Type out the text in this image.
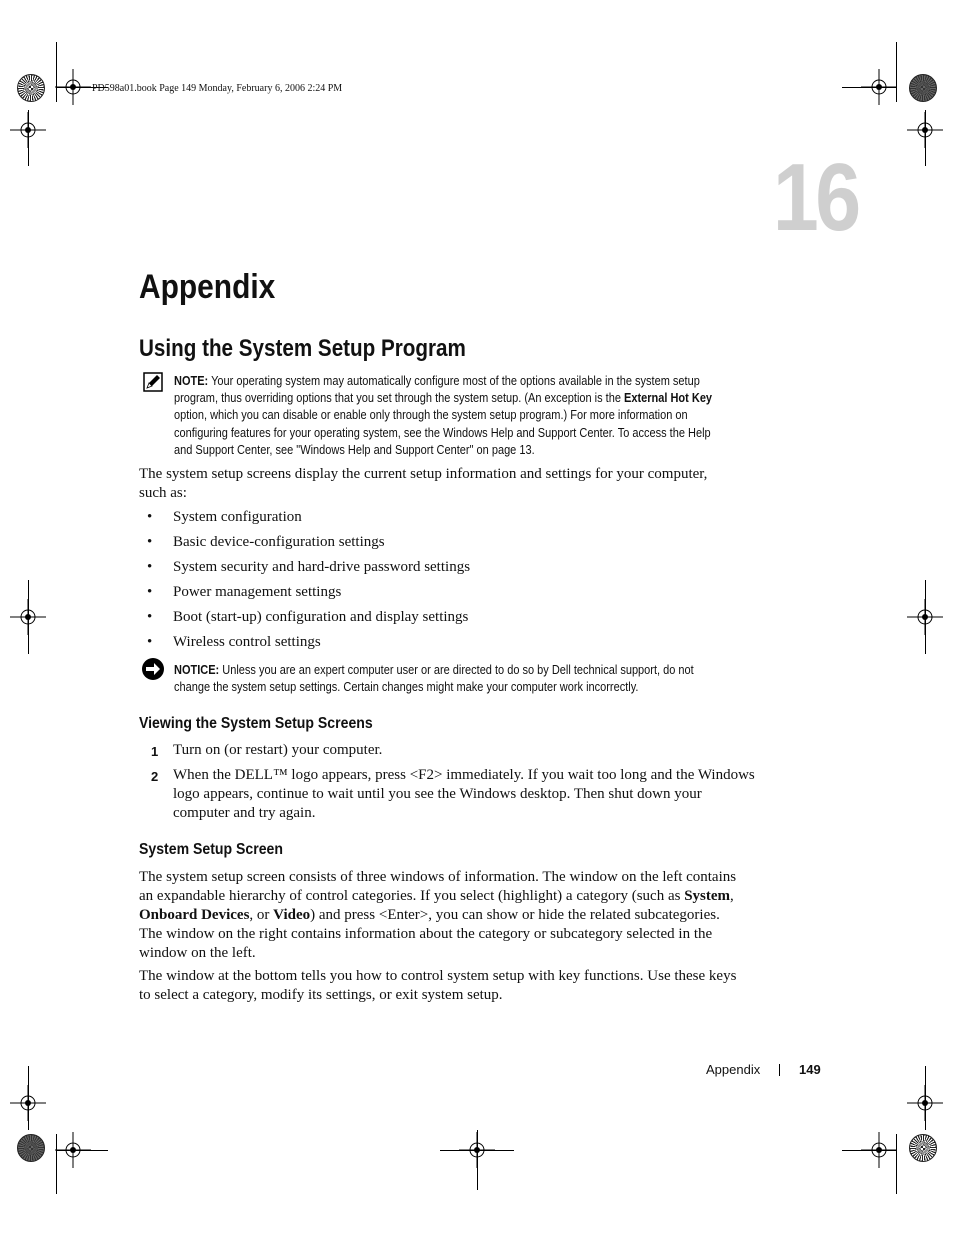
PD598a01.book Page 149 Monday, February 6, 2006 2:24 PM
16
Appendix
Using the System Setup Program
NOTE: Your operating system may automatically configure most of the options available in the system setup
program, thus overriding options that you set through the system setup. (An exception is the External Hot Key
option, which you can disable or enable only through the system setup program.) For more information on
configuring features for your operating system, see the Windows Help and Support Center. To access the Help
and Support Center, see "Windows Help and Support Center" on page 13.
The system setup screens display the current setup information and settings for your computer,
such as:
• System configuration
• Basic device-configuration settings
• System security and hard-drive password settings
• Power management settings
• Boot (start-up) configuration and display settings
• Wireless control settings
NOTICE: Unless you are an expert computer user or are directed to do so by Dell technical support, do not
change the system setup settings. Certain changes might make your computer work incorrectly.
Viewing the System Setup Screens
1 Turn on (or restart) your computer.
2 When the DELL™ logo appears, press <F2> immediately. If you wait too long and the Windows
logo appears, continue to wait until you see the Windows desktop. Then shut down your
computer and try again.
System Setup Screen
The system setup screen consists of three windows of information. The window on the left contains
an expandable hierarchy of control categories. If you select (highlight) a category (such as System,
Onboard Devices, or Video) and press <Enter>, you can show or hide the related subcategories.
The window on the right contains information about the category or subcategory selected in the
window on the left.
The window at the bottom tells you how to control system setup with key functions. Use these keys
to select a category, modify its settings, or exit system setup.
Appendix	149
